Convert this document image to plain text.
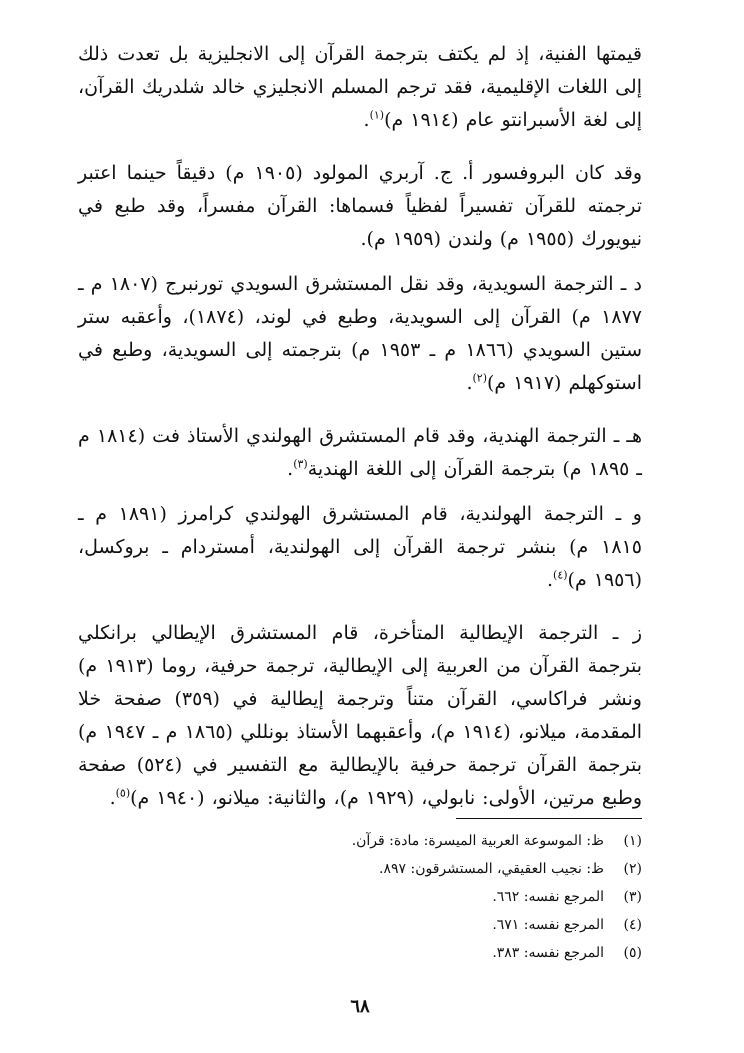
قيمتها الفنية، إذ لم يكتف بترجمة القرآن إلى الانجليزية بل تعدت ذلك إلى اللغات الإقليمية، فقد ترجم المسلم الانجليزي خالد شلدريك القرآن، إلى لغة الأسبرانتو عام (١٩١٤ م)$^{(١)}$.

وقد كان البروفسور أ. ج. آربري المولود (١٩٠٥ م) دقيقاً حينما اعتبر ترجمته للقرآن تفسيراً لفظياً فسماها: القرآن مفسراً، وقد طبع في نيويورك (١٩٥٥ م) ولندن (١٩٥٩ م).

د ـ الترجمة السويدية، وقد نقل المستشرق السويدي تورنبرج (١٨٠٧ م ـ ١٨٧٧ م) القرآن إلى السويدية، وطبع في لوند، (١٨٧٤)، وأعقبه ستر ستين السويدي (١٨٦٦ م ـ ١٩٥٣ م) بترجمته إلى السويدية، وطبع في استوكهلم (١٩١٧ م)$^{(٢)}$.

هـ ـ الترجمة الهندية، وقد قام المستشرق الهولندي الأستاذ فت (١٨١٤ م ـ ١٨٩٥ م) بترجمة القرآن إلى اللغة الهندية$^{(٣)}$.

و ـ الترجمة الهولندية، قام المستشرق الهولندي كرامرز (١٨٩١ م ـ ١٨١٥ م) بنشر ترجمة القرآن إلى الهولندية، أمستردام ـ بروكسل، (١٩٥٦ م)$^{(٤)}$.

ز ـ الترجمة الإيطالية المتأخرة، قام المستشرق الإيطالي برانكلي بترجمة القرآن من العربية إلى الإيطالية، ترجمة حرفية، روما (١٩١٣ م) ونشر فراكاسي، القرآن متناً وترجمة إيطالية في (٣٥٩) صفحة خلا المقدمة، ميلانو، (١٩١٤ م)، وأعقبهما الأستاذ بونللي (١٨٦٥ م ـ ١٩٤٧ م) بترجمة القرآن ترجمة حرفية بالإيطالية مع التفسير في (٥٢٤) صفحة وطبع مرتين، الأولى: نابولي، (١٩٢٩ م)، والثانية: ميلانو، (١٩٤٠ م)$^{(٥)}$.

(١)
ظ: الموسوعة العربية الميسرة: مادة: قرآن.
(٢)
ظ: نجيب العقيقي، المستشرقون: ٨٩٧.
(٣)
المرجع نفسه: ٦٦٢.
(٤)
المرجع نفسه: ٦٧١.
(٥)
المرجع نفسه: ٣٨٣.
٦٨
